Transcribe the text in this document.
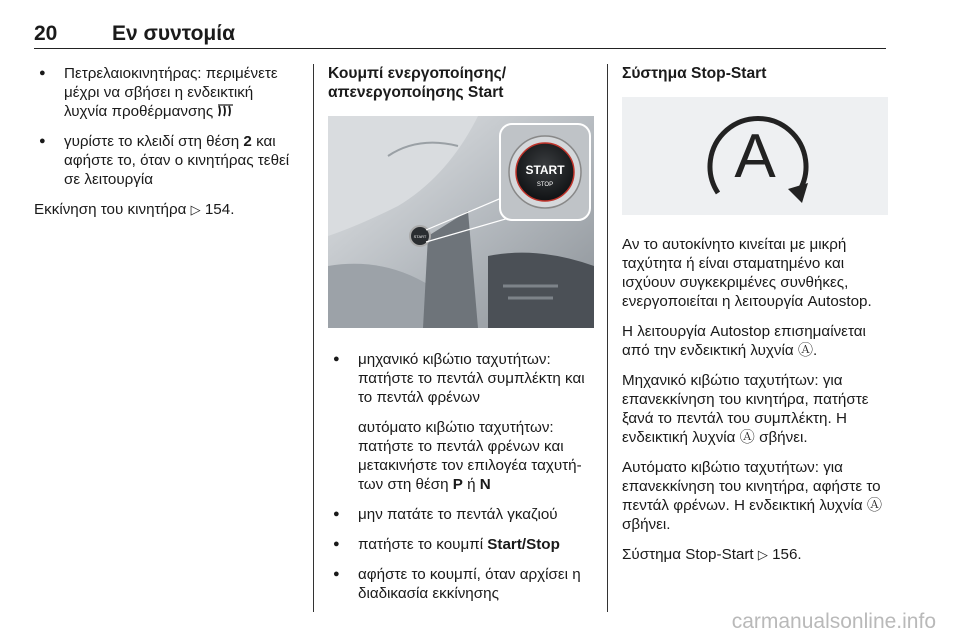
20	Εν συντομία
● Πετρελαιοκινητήρας: περιμένετε μέχρι να σβήσει η ενδεικτική λυχνία προθέρμανσης
● γυρίστε το κλειδί στη θέση 2 και αφήστε το, όταν ο κινητήρας τεθεί σε λειτουργία
Εκκίνηση του κινητήρα ▷ 154.
Κουμπί ενεργοποίησης/ απενεργοποίησης Start
START
START
STOP
● μηχανικό κιβώτιο ταχυτήτων: πατήστε το πεντάλ συμπλέκτη και το πεντάλ φρένων
αυτόματο κιβώτιο ταχυτήτων: πατήστε το πεντάλ φρένων και μετακινήστε τον επιλογέα ταχυτή- των στη θέση P ή N
● μην πατάτε το πεντάλ γκαζιού
● πατήστε το κουμπί Start/Stop
● αφήστε το κουμπί, όταν αρχίσει η διαδικασία εκκίνησης
Σύστημα Stop-Start
A
Αν το αυτοκίνητο κινείται με μικρή ταχύτητα ή είναι σταματημένο και ισχύουν συγκεκριμένες συνθήκες, ενεργοποιείται η λειτουργία Autostop.
Η λειτουργία Autostop επισημαίνεται από την ενδεικτική λυχνία Ⓐ.
Μηχανικό κιβώτιο ταχυτήτων: για επανεκκίνηση του κινητήρα, πατήστε ξανά το πεντάλ του συμπλέκτη. Η ενδεικτική λυχνία Ⓐ σβήνει.
Αυτόματο κιβώτιο ταχυτήτων: για επανεκκίνηση του κινητήρα, αφήστε το πεντάλ φρένων. Η ενδεικτική λυχνία Ⓐ σβήνει.
Σύστημα Stop-Start ▷ 156.
carmanualsonline.info
